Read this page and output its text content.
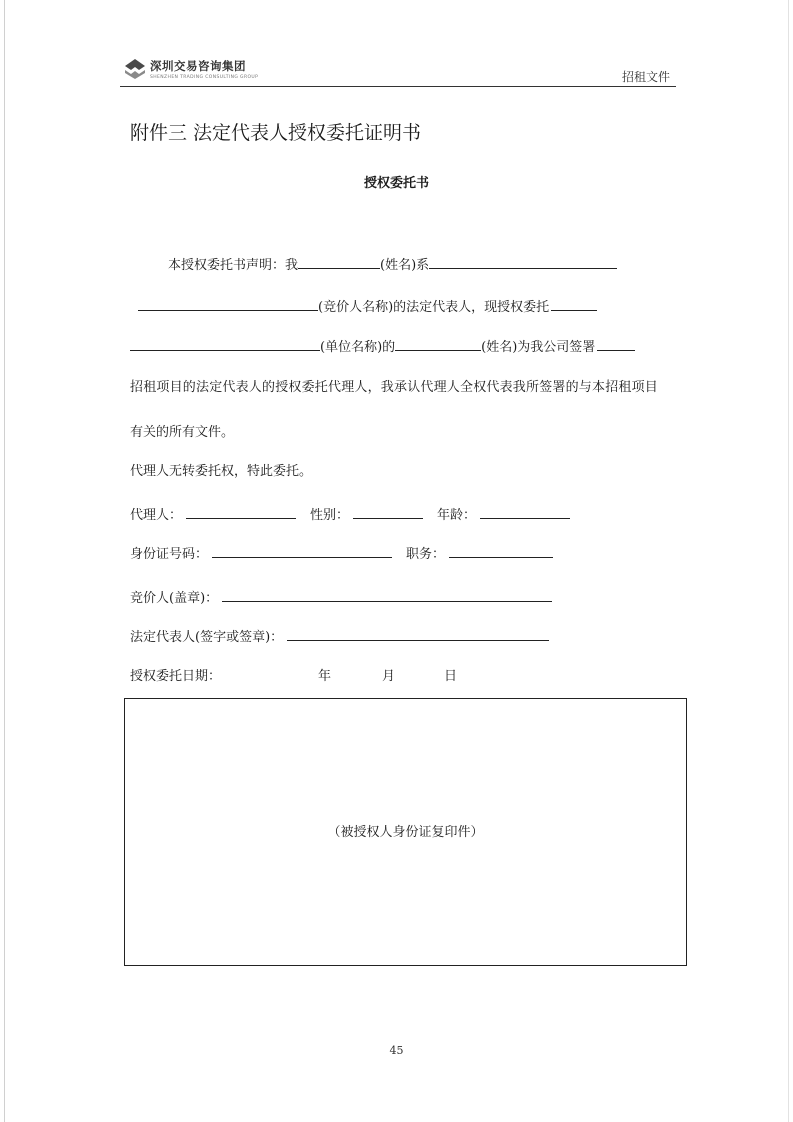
深圳交易咨询集团
SHENZHEN TRADING CONSULTING GROUP	招租文件
附件三 法定代表人授权委托证明书
授权委托书
本授权委托书声明：我	(姓名)系
(竞价人名称)的法定代表人，现授权委托
(单位名称)的	(姓名)为我公司签署
招租项目的法定代表人的授权委托代理人，我承认代理人全权代表我所签署的与本招租项目
有关的所有文件。
代理人无转委托权，特此委托。
代理人：	性别：	年龄：
身份证号码：	职务：
竞价人(盖章)：
法定代表人(签字或签章)：
授权委托日期：	年	月	日
（被授权人身份证复印件）
45
